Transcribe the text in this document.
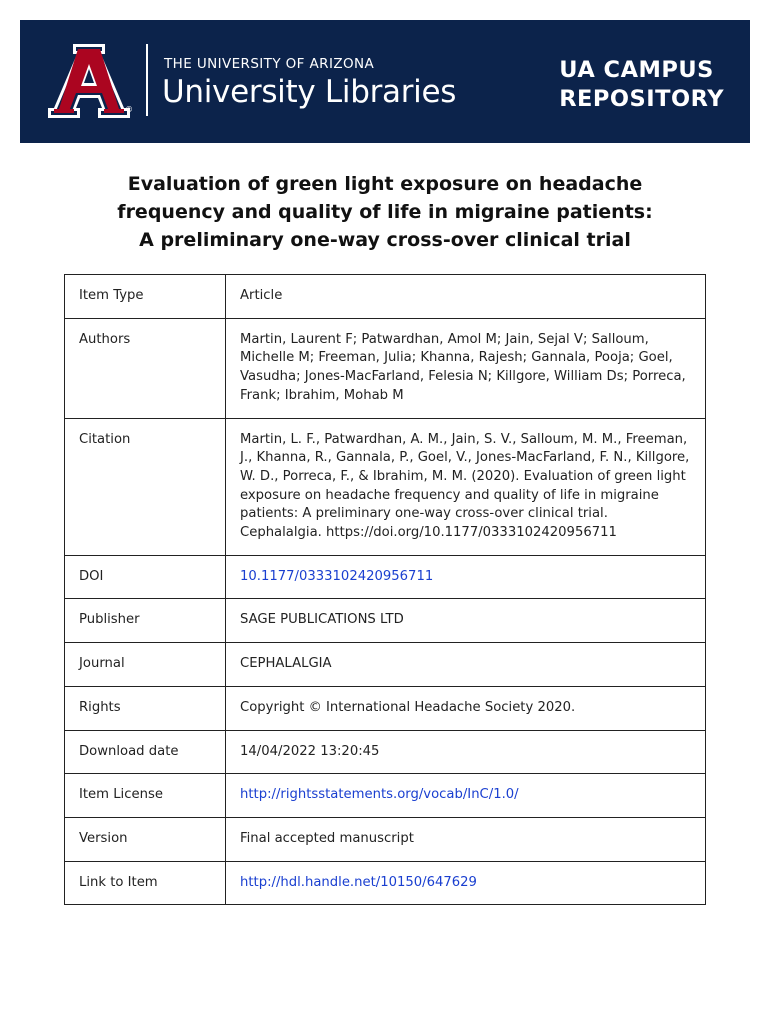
®
THE UNIVERSITY OF ARIZONA
University Libraries
UA CAMPUS
REPOSITORY
Evaluation of green light exposure on headache
frequency and quality of life in migraine patients:
A preliminary one-way cross-over clinical trial
Item Type	Article
Authors	Martin, Laurent F; Patwardhan, Amol M; Jain, Sejal V; Salloum, Michelle M; Freeman, Julia; Khanna, Rajesh; Gannala, Pooja; Goel, Vasudha; Jones-MacFarland, Felesia N; Killgore, William Ds; Porreca, Frank; Ibrahim, Mohab M
Citation	Martin, L. F., Patwardhan, A. M., Jain, S. V., Salloum, M. M., Freeman, J., Khanna, R., Gannala, P., Goel, V., Jones-MacFarland, F. N., Killgore, W. D., Porreca, F., & Ibrahim, M. M. (2020). Evaluation of green light exposure on headache frequency and quality of life in migraine patients: A preliminary one-way cross-over clinical trial. Cephalalgia. https://doi.org/10.1177/0333102420956711
DOI	10.1177/0333102420956711
Publisher	SAGE PUBLICATIONS LTD
Journal	CEPHALALGIA
Rights	Copyright © International Headache Society 2020.
Download date	14/04/2022 13:20:45
Item License	http://rightsstatements.org/vocab/InC/1.0/
Version	Final accepted manuscript
Link to Item	http://hdl.handle.net/10150/647629
